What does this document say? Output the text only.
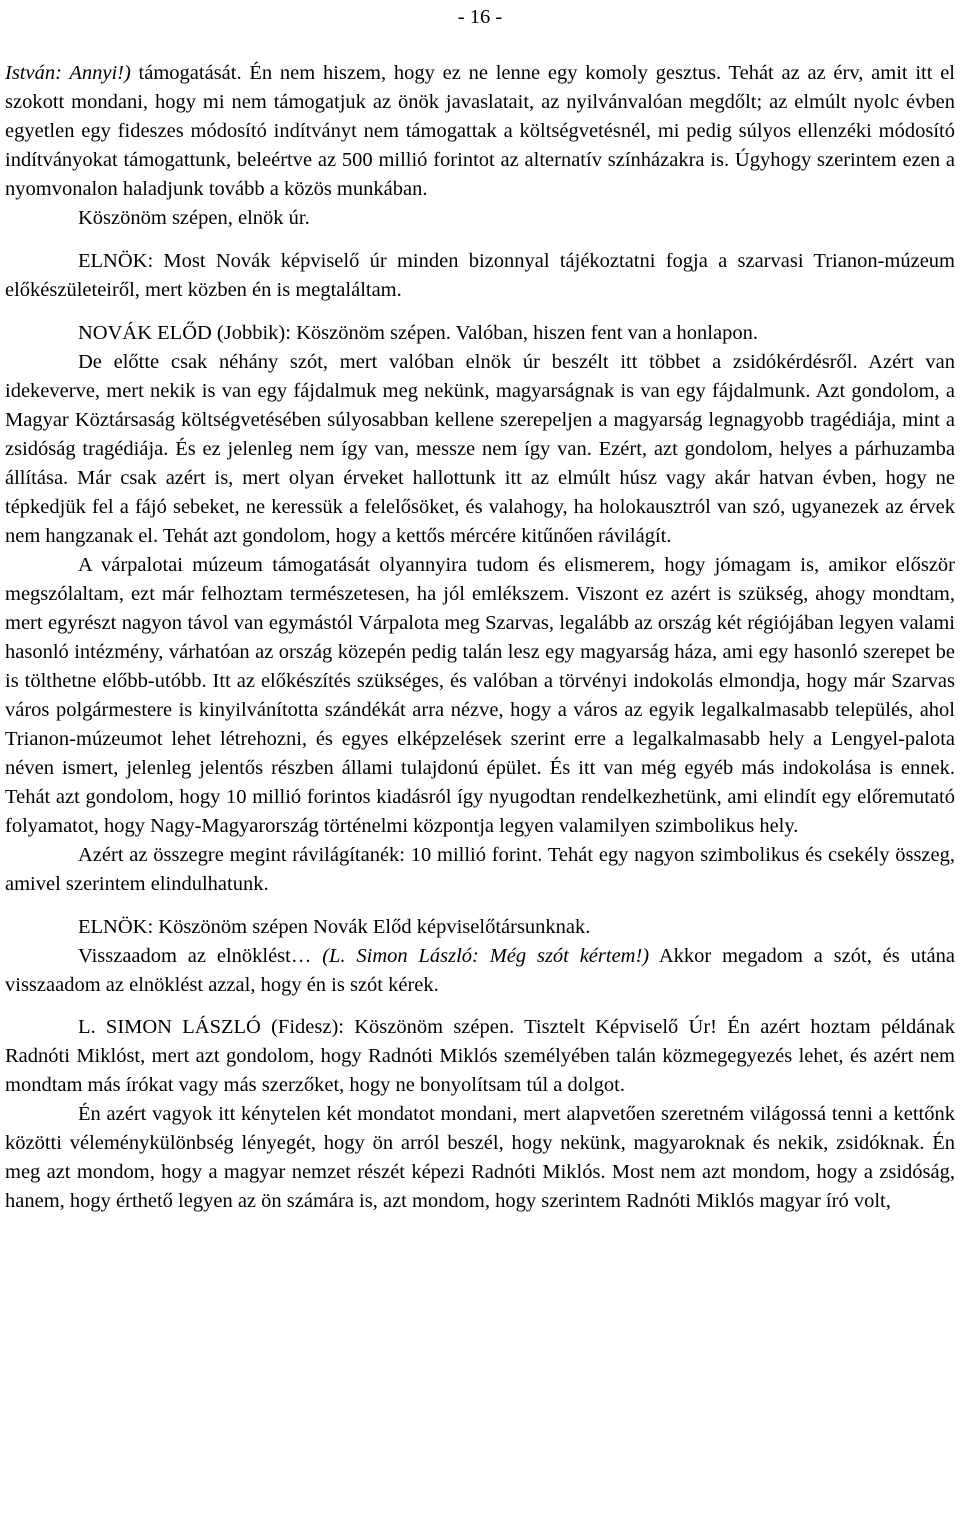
- 16 -

István: Annyi!) támogatását. Én nem hiszem, hogy ez ne lenne egy komoly gesztus. Tehát az az érv, amit itt el szokott mondani, hogy mi nem támogatjuk az önök javaslatait, az nyilvánvalóan megdőlt; az elmúlt nyolc évben egyetlen egy fideszes módosító indítványt nem támogattak a költségvetésnél, mi pedig súlyos ellenzéki módosító indítványokat támogattunk, beleértve az 500 millió forintot az alternatív színházakra is. Úgyhogy szerintem ezen a nyomvonalon haladjunk tovább a közös munkában.

Köszönöm szépen, elnök úr.

ELNÖK: Most Novák képviselő úr minden bizonnyal tájékoztatni fogja a szarvasi Trianon-múzeum előkészületeiről, mert közben én is megtaláltam.

NOVÁK ELŐD (Jobbik): Köszönöm szépen. Valóban, hiszen fent van a honlapon.

De előtte csak néhány szót, mert valóban elnök úr beszélt itt többet a zsidókérdésről. Azért van idekeverve, mert nekik is van egy fájdalmuk meg nekünk, magyarságnak is van egy fájdalmunk. Azt gondolom, a Magyar Köztársaság költségvetésében súlyosabban kellene szerepeljen a magyarság legnagyobb tragédiája, mint a zsidóság tragédiája. És ez jelenleg nem így van, messze nem így van. Ezért, azt gondolom, helyes a párhuzamba állítása. Már csak azért is, mert olyan érveket hallottunk itt az elmúlt húsz vagy akár hatvan évben, hogy ne tépkedjük fel a fájó sebeket, ne keressük a felelősöket, és valahogy, ha holokausztról van szó, ugyanezek az érvek nem hangzanak el. Tehát azt gondolom, hogy a kettős mércére kitűnően rávilágít.

A várpalotai múzeum támogatását olyannyira tudom és elismerem, hogy jómagam is, amikor először megszólaltam, ezt már felhoztam természetesen, ha jól emlékszem. Viszont ez azért is szükség, ahogy mondtam, mert egyrészt nagyon távol van egymástól Várpalota meg Szarvas, legalább az ország két régiójában legyen valami hasonló intézmény, várhatóan az ország közepén pedig talán lesz egy magyarság háza, ami egy hasonló szerepet be is tölthetne előbb-utóbb. Itt az előkészítés szükséges, és valóban a törvényi indokolás elmondja, hogy már Szarvas város polgármestere is kinyilvánította szándékát arra nézve, hogy a város az egyik legalkalmasabb település, ahol Trianon-múzeumot lehet létrehozni, és egyes elképzelések szerint erre a legalkalmasabb hely a Lengyel-palota néven ismert, jelenleg jelentős részben állami tulajdonú épület. És itt van még egyéb más indokolása is ennek. Tehát azt gondolom, hogy 10 millió forintos kiadásról így nyugodtan rendelkezhetünk, ami elindít egy előremutató folyamatot, hogy Nagy-Magyarország történelmi központja legyen valamilyen szimbolikus hely.

Azért az összegre megint rávilágítanék: 10 millió forint. Tehát egy nagyon szimbolikus és csekély összeg, amivel szerintem elindulhatunk.

ELNÖK: Köszönöm szépen Novák Előd képviselőtársunknak.

Visszaadom az elnöklést… (L. Simon László: Még szót kértem!) Akkor megadom a szót, és utána visszaadom az elnöklést azzal, hogy én is szót kérek.

L. SIMON LÁSZLÓ (Fidesz): Köszönöm szépen. Tisztelt Képviselő Úr! Én azért hoztam példának Radnóti Miklóst, mert azt gondolom, hogy Radnóti Miklós személyében talán közmegegyezés lehet, és azért nem mondtam más írókat vagy más szerzőket, hogy ne bonyolítsam túl a dolgot.

Én azért vagyok itt kénytelen két mondatot mondani, mert alapvetően szeretném világossá tenni a kettőnk közötti véleménykülönbség lényegét, hogy ön arról beszél, hogy nekünk, magyaroknak és nekik, zsidóknak. Én meg azt mondom, hogy a magyar nemzet részét képezi Radnóti Miklós. Most nem azt mondom, hogy a zsidóság, hanem, hogy érthető legyen az ön számára is, azt mondom, hogy szerintem Radnóti Miklós magyar író volt,
